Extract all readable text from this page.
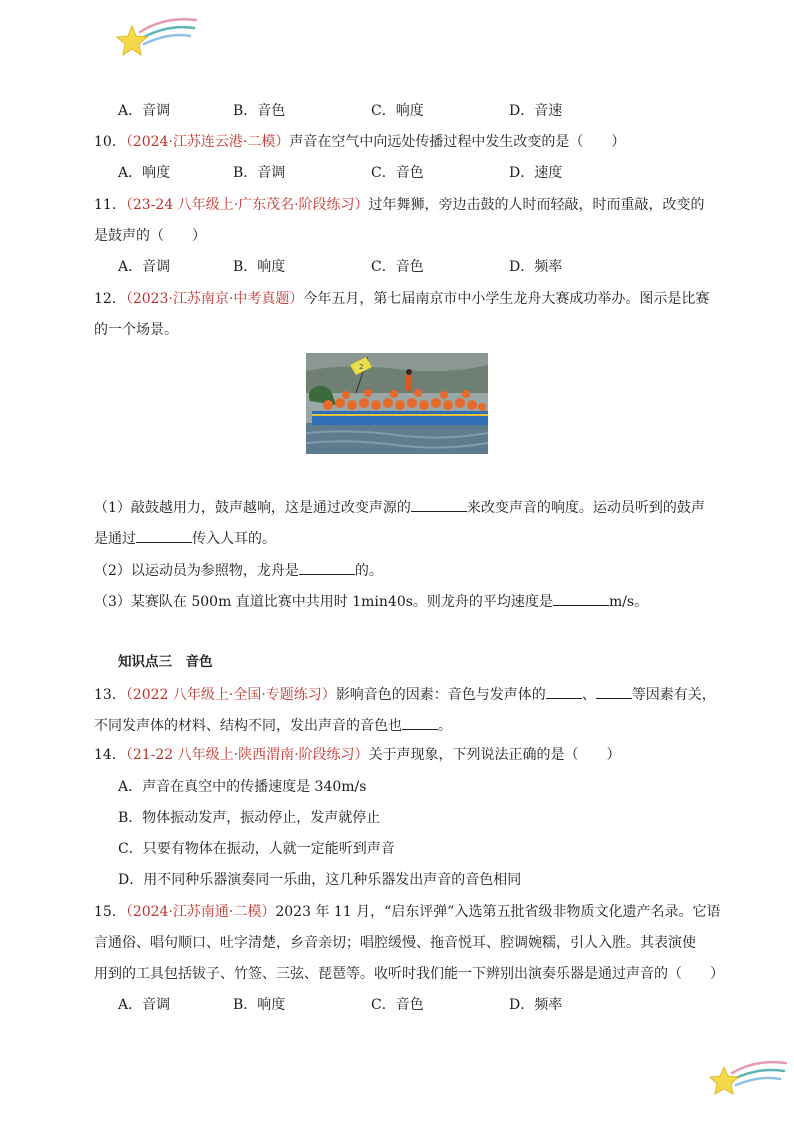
A．音调	B．音色	C．响度	D．音速
10．（2024·江苏连云港·二模）声音在空气中向远处传播过程中发生改变的是（　　）
A．响度	B．音调	C．音色	D．速度
11．（23-24 八年级上·广东茂名·阶段练习）过年舞狮，旁边击鼓的人时而轻敲，时而重敲，改变的
是鼓声的（　　）
A．音调	B．响度	C．音色	D．频率
12．（2023·江苏南京·中考真题）今年五月，第七届南京市中小学生龙舟大赛成功举办。图示是比赛
的一个场景。
2
（1）敲鼓越用力，鼓声越响，这是通过改变声源的	来改变声音的响度。运动员听到的鼓声
是通过	传入人耳的。
（2）以运动员为参照物，龙舟是	的。
（3）某赛队在 500m 直道比赛中共用时 1min40s。则龙舟的平均速度是	m/s。
知识点三　音色
13．（2022 八年级上·全国·专题练习）影响音色的因素：音色与发声体的	、	等因素有关，
不同发声体的材料、结构不同，发出声音的音色也	。
14．（21-22 八年级上·陕西渭南·阶段练习）关于声现象，下列说法正确的是（　　）
A．声音在真空中的传播速度是 340m/s
B．物体振动发声，振动停止，发声就停止
C．只要有物体在振动，人就一定能听到声音
D．用不同种乐器演奏同一乐曲，这几种乐器发出声音的音色相同
15．（2024·江苏南通·二模）2023 年 11 月，“启东评弹”入选第五批省级非物质文化遗产名录。它语
言通俗、唱句顺口、吐字清楚，乡音亲切；唱腔缓慢、拖音悦耳、腔调婉糯，引人入胜。其表演使
用到的工具包括钹子、竹签、三弦、琵琶等。收听时我们能一下辨别出演奏乐器是通过声音的（　　）
A．音调	B．响度	C．音色	D．频率
